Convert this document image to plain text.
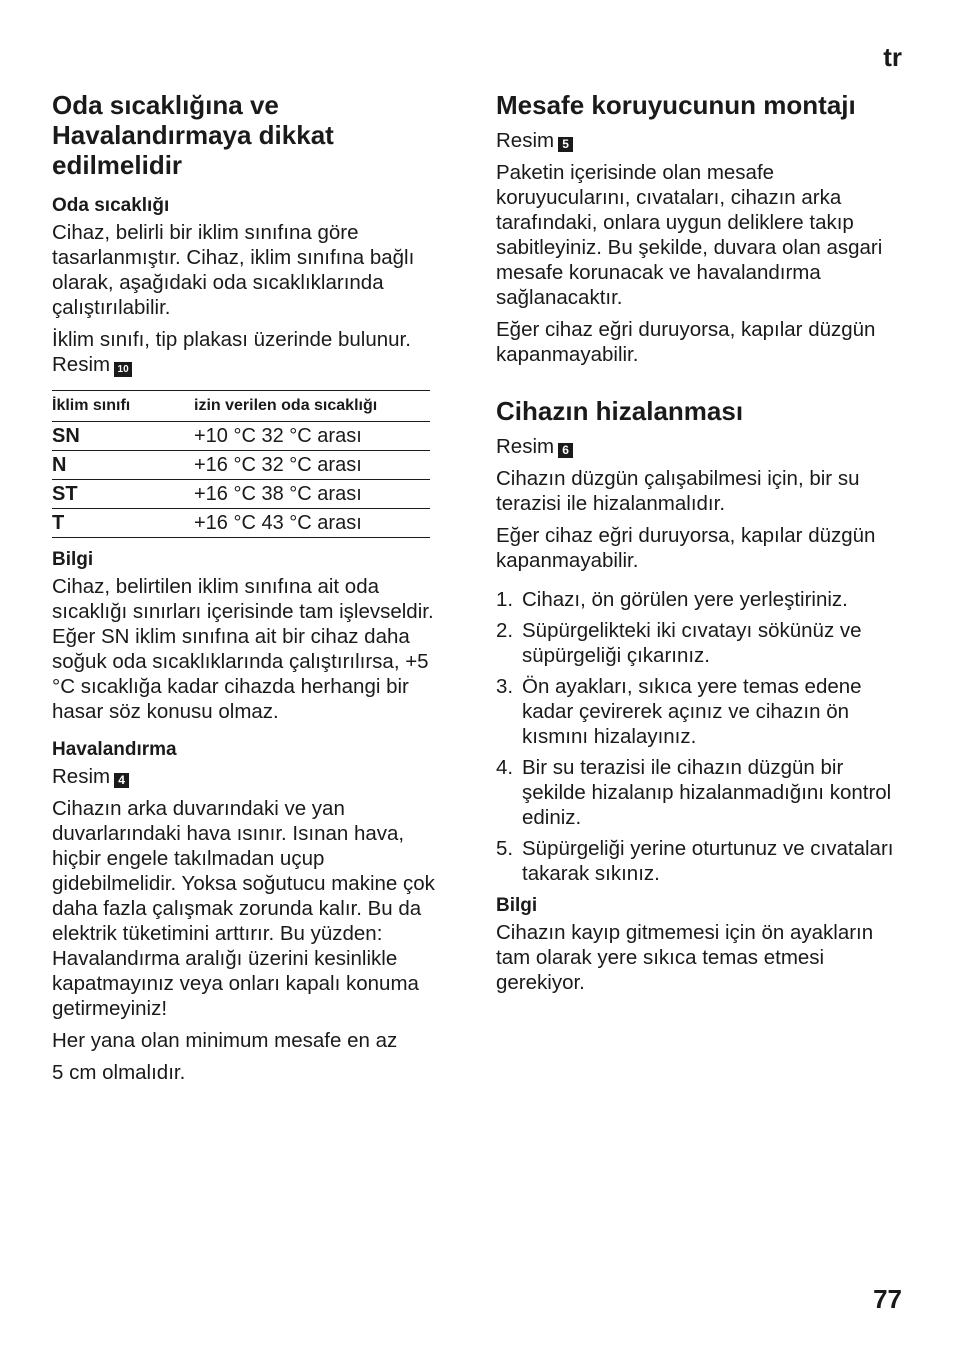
tr
Oda sıcaklığına ve Havalandırmaya dikkat edilmelidir
Oda sıcaklığı

Cihaz, belirli bir iklim sınıfına göre tasarlanmıştır. Cihaz, iklim sınıfına bağlı olarak, aşağıdaki oda sıcaklıklarında çalıştırılabilir.

İklim sınıfı, tip plakası üzerinde bulunur. Resim 10

İklim sınıfı	izin verilen oda sıcaklığı
SN	+10 °C 32 °C arası
N	+16 °C 32 °C arası
ST	+16 °C 38 °C arası
T	+16 °C 43 °C arası
Bilgi

Cihaz, belirtilen iklim sınıfına ait oda sıcaklığı sınırları içerisinde tam işlevseldir. Eğer SN iklim sınıfına ait bir cihaz daha soğuk oda sıcaklıklarında çalıştırılırsa, +5 °C sıcaklığa kadar cihazda herhangi bir hasar söz konusu olmaz.

Havalandırma

Resim 4

Cihazın arka duvarındaki ve yan duvarlarındaki hava ısınır. Isınan hava, hiçbir engele takılmadan uçup gidebilmelidir. Yoksa soğutucu makine çok daha fazla çalışmak zorunda kalır. Bu da elektrik tüketimini arttırır. Bu yüzden: Havalandırma aralığı üzerini kesinlikle kapatmayınız veya onları kapalı konuma getirmeyiniz!

Her yana olan minimum mesafe en az

5 cm olmalıdır.

Mesafe koruyucunun montajı

Resim 5

Paketin içerisinde olan mesafe koruyucularını, cıvataları, cihazın arka tarafındaki, onlara uygun deliklere takıp sabitleyiniz. Bu şekilde, duvara olan asgari mesafe korunacak ve havalandırma sağlanacaktır.

Eğer cihaz eğri duruyorsa, kapılar düzgün kapanmayabilir.

Cihazın hizalanması

Resim 6

Cihazın düzgün çalışabilmesi için, bir su terazisi ile hizalanmalıdır.

Eğer cihaz eğri duruyorsa, kapılar düzgün kapanmayabilir.

1. Cihazı, ön görülen yere yerleştiriniz.
2. Süpürgelikteki iki cıvatayı sökünüz ve süpürgeliği çıkarınız.
3. Ön ayakları, sıkıca yere temas edene kadar çevirerek açınız ve cihazın ön kısmını hizalayınız.
4. Bir su terazisi ile cihazın düzgün bir şekilde hizalanıp hizalanmadığını kontrol ediniz.
5. Süpürgeliği yerine oturtunuz ve cıvataları takarak sıkınız.
Bilgi

Cihazın kayıp gitmemesi için ön ayakların tam olarak yere sıkıca temas etmesi gerekiyor.

77
